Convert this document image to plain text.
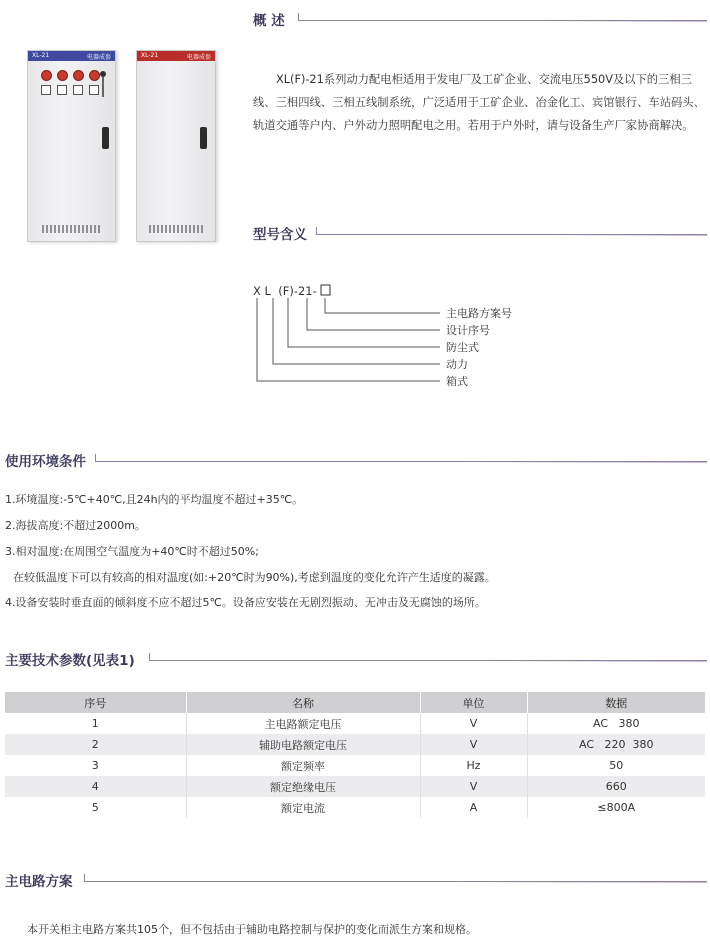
概 述
XL-21	电器成套	XL-21	电器成套
XL(F)-21系列动力配电柜适用于发电厂及工矿企业、交流电压550V及以下的三相三线、三相四线、三相五线制系统，广泛适用于工矿企业、冶金化工、宾馆银行、车站码头、轨道交通等户内、户外动力照明配电之用。若用于户外时，请与设备生产厂家协商解决。
型号含义
X L  (F)-21-
主电路方案号
设计序号
防尘式
动力
箱式
使用环境条件
1.环境温度:-5℃+40℃,且24h内的平均温度不超过+35℃。
2.海拔高度:不超过2000m。
3.相对温度:在周围空气温度为+40℃时不超过50%;
在较低温度下可以有较高的相对温度(如:+20℃时为90%),考虑到温度的变化允许产生适度的凝露。
4.设备安装时垂直面的倾斜度不应不超过5℃。设备应安装在无剧烈振动、无冲击及无腐蚀的场所。
主要技术参数(见表1)
序号	名称	单位	数据
1	主电路额定电压	V	AC   380
2	辅助电路额定电压	V	AC   220  380
3	额定频率	Hz	50
4	额定绝缘电压	V	660
5	额定电流	A	≤800A
主电路方案
本开关柜主电路方案共105个，但不包括由于辅助电路控制与保护的变化而派生方案和规格。
